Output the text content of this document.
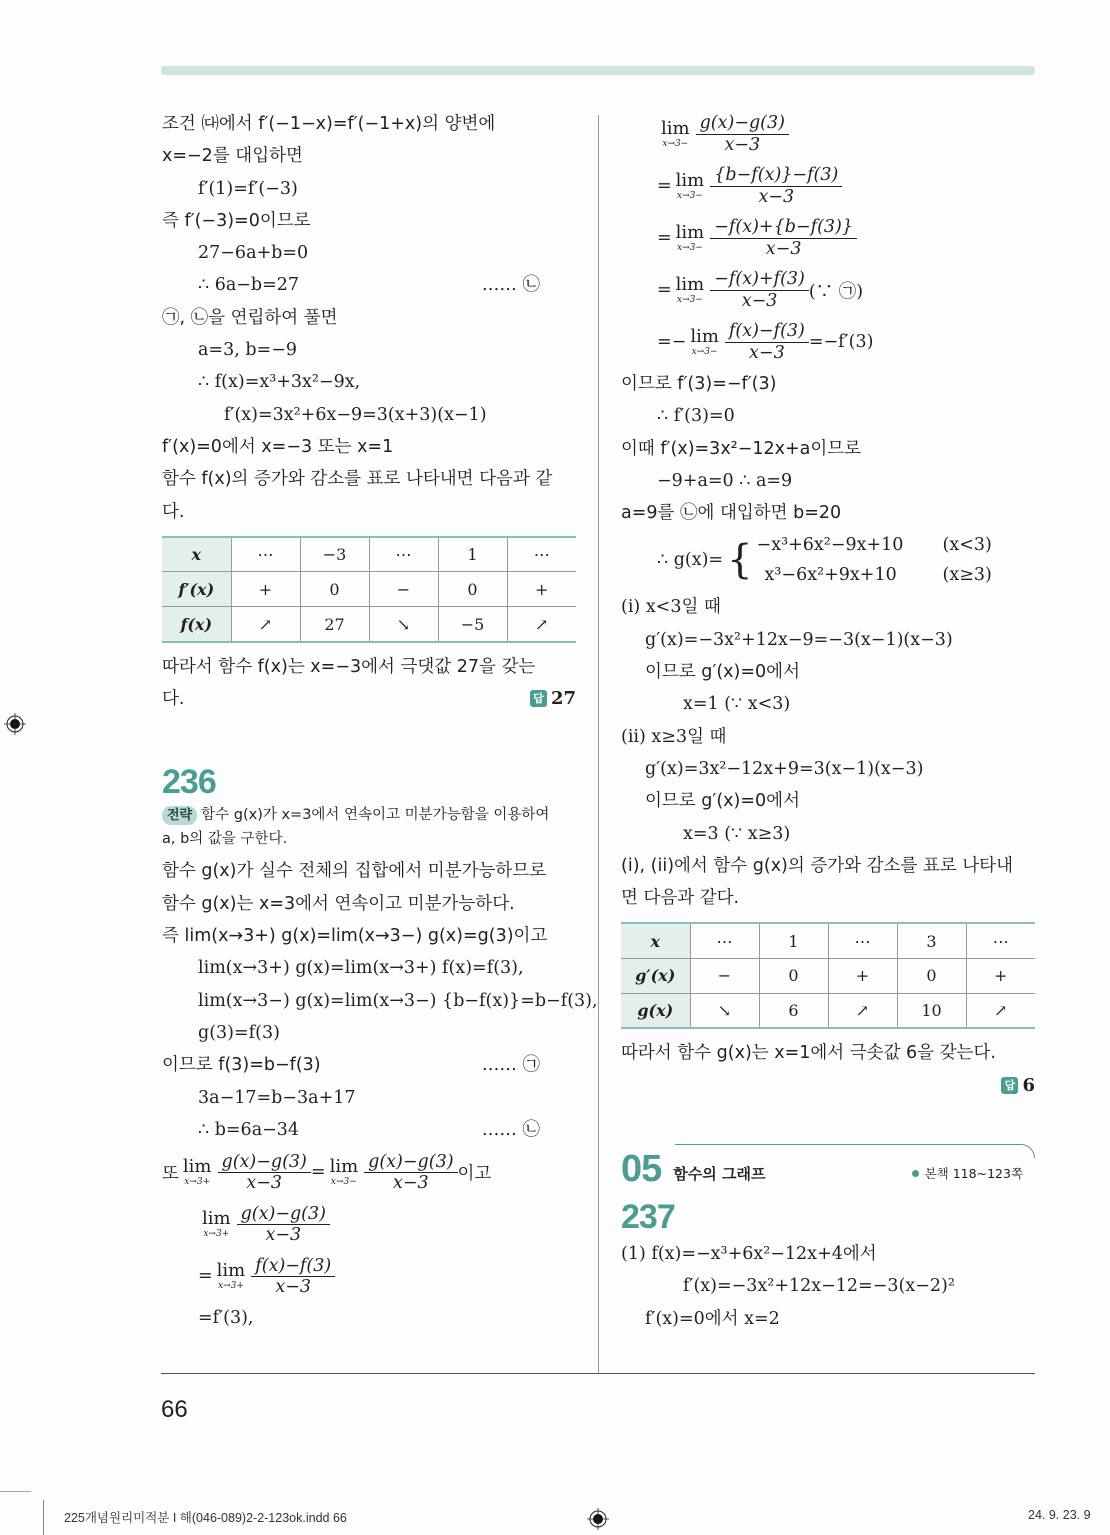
조건 ㈐에서 f′(−1−x)=f′(−1+x)의 양변에
x=−2를 대입하면
f′(1)=f′(−3)
즉 f′(−3)=0이므로
27−6a+b=0
∴ 6a−b=27	…… ㉡
㉠, ㉡을 연립하여 풀면
a=3, b=−9
∴ f(x)=x³+3x²−9x,
f′(x)=3x²+6x−9=3(x+3)(x−1)
f′(x)=0에서 x=−3 또는 x=1
함수 f(x)의 증가와 감소를 표로 나타내면 다음과 같
다.
x	⋯	−3	⋯	1	⋯
f′(x)	+	0	−	0	+
f(x)	↗	27	↘	−5	↗
따라서 함수 f(x)는 x=−3에서 극댓값 27을 갖는
다.	답 27
236
전략 함수 g(x)가 x=3에서 연속이고 미분가능함을 이용하여
a, b의 값을 구한다.
함수 g(x)가 실수 전체의 집합에서 미분가능하므로
함수 g(x)는 x=3에서 연속이고 미분가능하다.
즉 lim(x→3+) g(x)=lim(x→3−) g(x)=g(3)이고
lim(x→3+) g(x)=lim(x→3+) f(x)=f(3),
lim(x→3−) g(x)=lim(x→3−) {b−f(x)}=b−f(3),
g(3)=f(3)
이므로 f(3)=b−f(3)	…… ㉠
3a−17=b−3a+17
∴ b=6a−34	…… ㉡
또 lim
$x\to 3+ \frac{g(x)-g(3)}{x-3} = \lim$
$x\to 3- \frac{g(x)-g(3)}{x-3}$ 이고
lim
$x\to 3+ \frac{g(x)-g(3)}{x-3}$
= lim
$x\to 3+ \frac{f(x)-f(3)}{x-3}$
=f′(3),
lim
$x\to 3- \frac{g(x)-g(3)}{x-3}$
= lim
$x\to 3- \frac{\{b-f(x)\}-f(3)}{x-3}$
= lim
$x\to 3- \frac{-f(x)+\{b-f(3)\}}{x-3}$
= lim
$x\to 3- \frac{-f(x)+f(3)}{x-3}$ (∵ ㉠)
=− lim
$x\to 3- \frac{f(x)-f(3)}{x-3} =-f'(3)$
이므로 f′(3)=−f′(3)
∴ f′(3)=0
이때 f′(x)=3x²−12x+a이므로
−9+a=0 ∴ a=9
a=9를 ㉡에 대입하면 b=20
∴ g(x)= { −x³+6x²−9x+10	(x<3)
x³−6x²+9x+10	(x≥3)
(i) x<3일 때
g′(x)=−3x²+12x−9=−3(x−1)(x−3)
이므로 g′(x)=0에서
x=1 (∵ x<3)
(ii) x≥3일 때
g′(x)=3x²−12x+9=3(x−1)(x−3)
이므로 g′(x)=0에서
x=3 (∵ x≥3)
(i), (ii)에서 함수 g(x)의 증가와 감소를 표로 나타내
면 다음과 같다.
x	⋯	1	⋯	3	⋯
g′(x)	−	0	+	0	+
g(x)	↘	6	↗	10	↗
따라서 함수 g(x)는 x=1에서 극솟값 6을 갖는다.
답 6
05 함수의 그래프	본책 118~123쪽
237
(1) f(x)=−x³+6x²−12x+4에서
f′(x)=−3x²+12x−12=−3(x−2)²
f′(x)=0에서 x=2
66
225개념원리미적분 I 해(046-089)2-2-123ok.indd 66	24. 9. 23. 9
